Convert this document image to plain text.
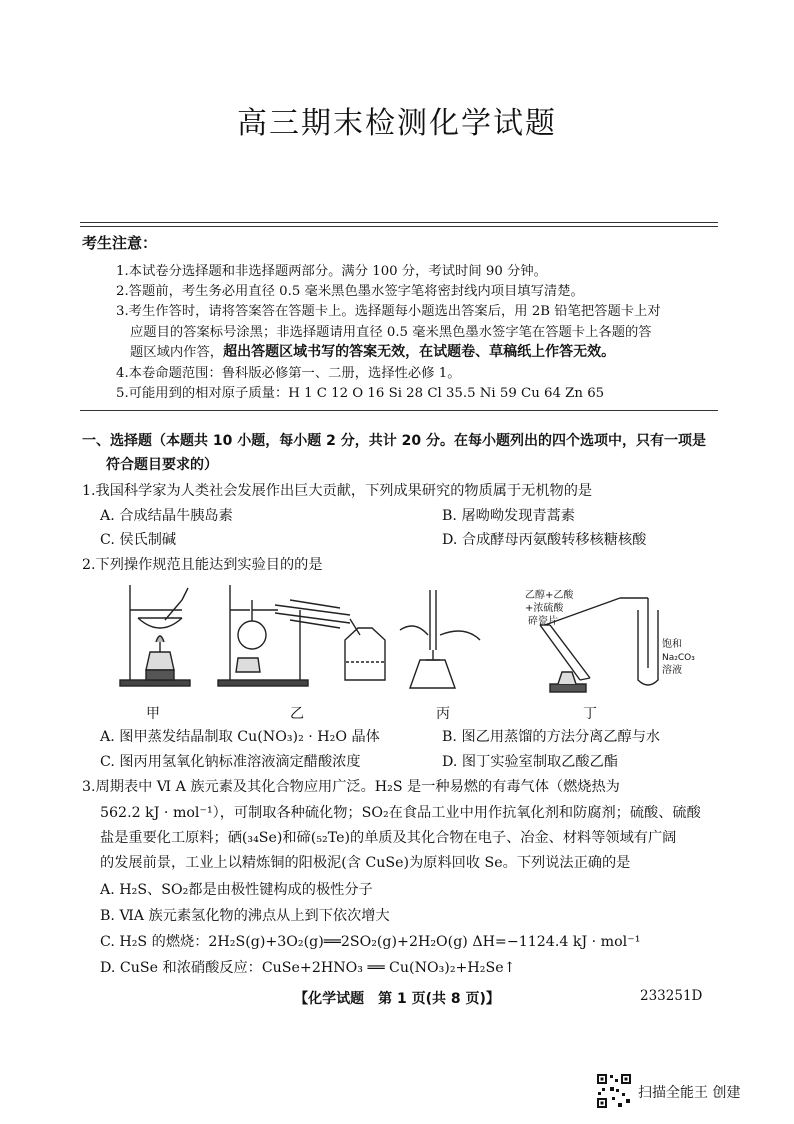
高三期末检测化学试题
考生注意：
1.本试卷分选择题和非选择题两部分。满分 100 分，考试时间 90 分钟。
2.答题前，考生务必用直径 0.5 毫米黑色墨水签字笔将密封线内项目填写清楚。
3.考生作答时，请将答案答在答题卡上。选择题每小题选出答案后，用 2B 铅笔把答题卡上对
应题目的答案标号涂黑；非选择题请用直径 0.5 毫米黑色墨水签字笔在答题卡上各题的答
题区域内作答，超出答题区域书写的答案无效，在试题卷、草稿纸上作答无效。
4.本卷命题范围：鲁科版必修第一、二册，选择性必修 1。
5.可能用到的相对原子质量：H 1 C 12 O 16 Si 28 Cl 35.5 Ni 59 Cu 64 Zn 65
一、选择题（本题共 10 小题，每小题 2 分，共计 20 分。在每小题列出的四个选项中，只有一项是
符合题目要求的）
1.我国科学家为人类社会发展作出巨大贡献，下列成果研究的物质属于无机物的是
A. 合成结晶牛胰岛素	B. 屠呦呦发现青蒿素
C. 侯氏制碱	D. 合成酵母丙氨酸转移核糖核酸
2.下列操作规范且能达到实验目的的是
乙醇+乙酸
+浓硫酸
碎瓷片
饱和
Na₂CO₃
溶液
甲	乙	丙	丁
A. 图甲蒸发结晶制取 Cu(NO₃)₂ · H₂O 晶体	B. 图乙用蒸馏的方法分离乙醇与水
C. 图丙用氢氧化钠标准溶液滴定醋酸浓度	D. 图丁实验室制取乙酸乙酯
3.周期表中 Ⅵ A 族元素及其化合物应用广泛。H₂S 是一种易燃的有毒气体（燃烧热为
562.2 kJ · mol⁻¹），可制取各种硫化物；SO₂在食品工业中用作抗氧化剂和防腐剂；硫酸、硫酸
盐是重要化工原料；硒(₃₄Se)和碲(₅₂Te)的单质及其化合物在电子、冶金、材料等领域有广阔
的发展前景，工业上以精炼铜的阳极泥(含 CuSe)为原料回收 Se。下列说法正确的是
A. H₂S、SO₂都是由极性键构成的极性分子
B. ⅥA 族元素氢化物的沸点从上到下依次增大
C. H₂S 的燃烧：2H₂S(g)+3O₂(g)══2SO₂(g)+2H₂O(g) ΔH=−1124.4 kJ · mol⁻¹
D. CuSe 和浓硝酸反应：CuSe+2HNO₃ ══ Cu(NO₃)₂+H₂Se↑
【化学试题　第 1 页(共 8 页)】	233251D
扫描全能王 创建
